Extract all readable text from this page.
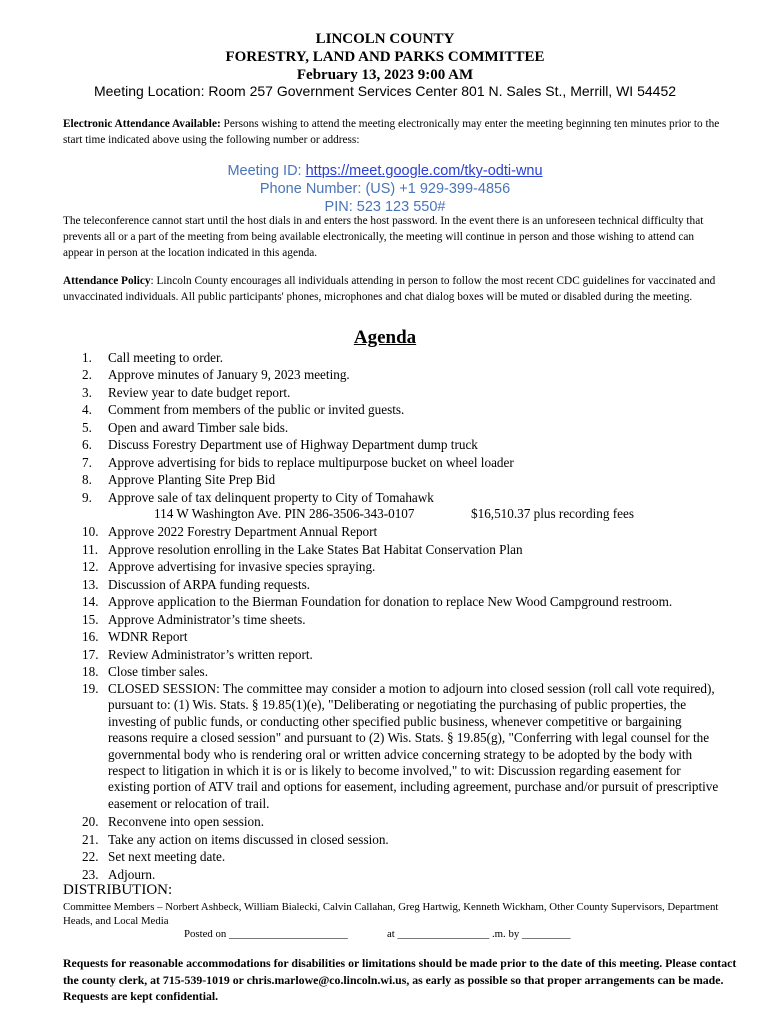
LINCOLN COUNTY
FORESTRY, LAND AND PARKS COMMITTEE
February 13, 2023 9:00 AM
Meeting Location: Room 257 Government Services Center 801 N. Sales St., Merrill, WI 54452
Electronic Attendance Available: Persons wishing to attend the meeting electronically may enter the meeting beginning ten minutes prior to the start time indicated above using the following number or address:
Meeting ID: https://meet.google.com/tky-odti-wnu
Phone Number: (US) +1 929-399-4856
PIN: 523 123 550#
The teleconference cannot start until the host dials in and enters the host password. In the event there is an unforeseen technical difficulty that prevents all or a part of the meeting from being available electronically, the meeting will continue in person and those wishing to attend can appear in person at the location indicated in this agenda.
Attendance Policy: Lincoln County encourages all individuals attending in person to follow the most recent CDC guidelines for vaccinated and unvaccinated individuals. All public participants' phones, microphones and chat dialog boxes will be muted or disabled during the meeting.
Agenda
1. Call meeting to order.
2. Approve minutes of January 9, 2023 meeting.
3. Review year to date budget report.
4. Comment from members of the public or invited guests.
5. Open and award Timber sale bids.
6. Discuss Forestry Department use of Highway Department dump truck
7. Approve advertising for bids to replace multipurpose bucket on wheel loader
8. Approve Planting Site Prep Bid
9. Approve sale of tax delinquent property to City of Tomahawk
10. Approve 2022 Forestry Department Annual Report
11. Approve resolution enrolling in the Lake States Bat Habitat Conservation Plan
12. Approve advertising for invasive species spraying.
13. Discussion of ARPA funding requests.
14. Approve application to the Bierman Foundation for donation to replace New Wood Campground restroom.
15. Approve Administrator’s time sheets.
16. WDNR Report
17. Review Administrator’s written report.
18. Close timber sales.
20. Reconvene into open session.
21. Take any action on items discussed in closed session.
22. Set next meeting date.
23. Adjourn.
114 W Washington Ave. PIN 286-3506-343-0107	$16,510.37 plus recording fees
19. CLOSED SESSION: The committee may consider a motion to adjourn into closed session (roll call vote required), pursuant to: (1) Wis. Stats. § 19.85(1)(e), "Deliberating or negotiating the purchasing of public properties, the investing of public funds, or conducting other specified public business, whenever competitive or bargaining reasons require a closed session" and pursuant to (2) Wis. Stats. § 19.85(g), "Conferring with legal counsel for the governmental body who is rendering oral or written advice concerning strategy to be adopted by the body with respect to litigation in which it is or is likely to become involved," to wit: Discussion regarding easement for existing portion of ATV trail and options for easement, including agreement, purchase and/or pursuit of prescriptive easement or relocation of trail.
DISTRIBUTION:
Committee Members – Norbert Ashbeck, William Bialecki, Calvin Callahan, Greg Hartwig, Kenneth Wickham, Other County Supervisors, Department Heads, and Local Media
Posted on ______________________	at _________________ .m. by _________
Requests for reasonable accommodations for disabilities or limitations should be made prior to the date of this meeting. Please contact the county clerk, at 715-539-1019 or chris.marlowe@co.lincoln.wi.us, as early as possible so that proper arrangements can be made. Requests are kept confidential.
